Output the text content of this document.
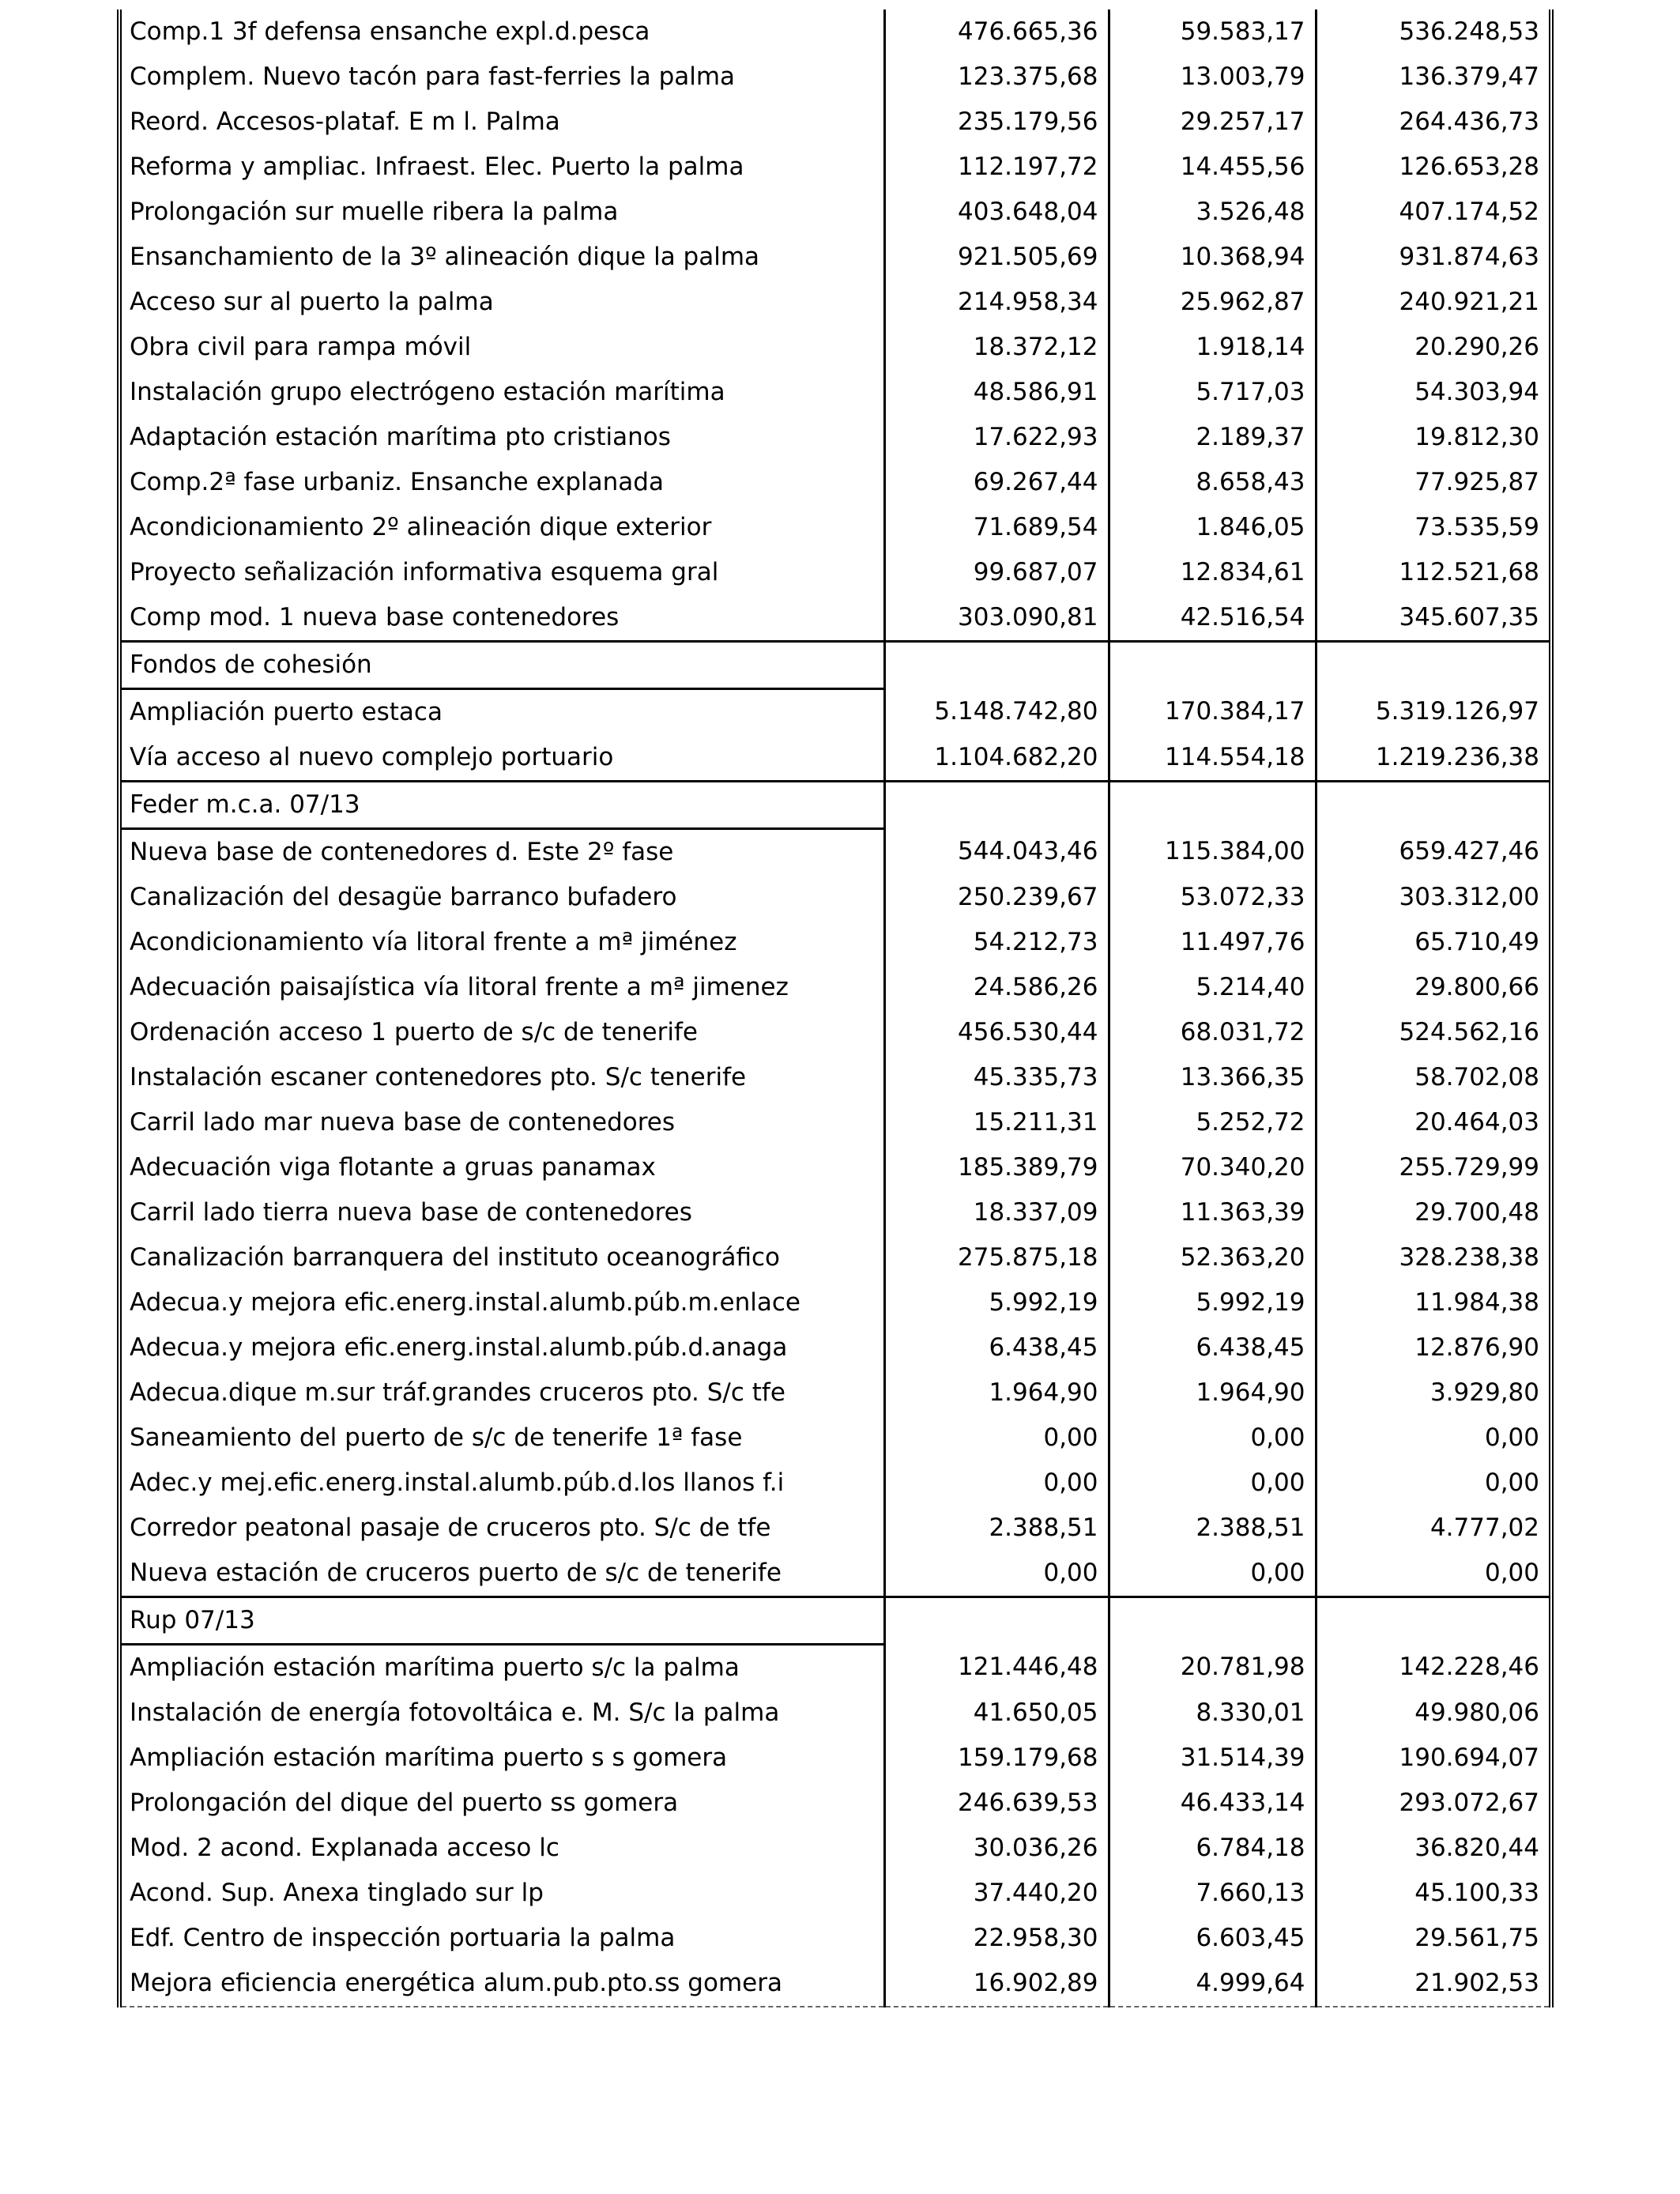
Comp.1 3f defensa ensanche expl.d.pesca	476.665,36	59.583,17	536.248,53
Complem. Nuevo tacón para fast-ferries la palma	123.375,68	13.003,79	136.379,47
Reord. Accesos-plataf. E m l. Palma	235.179,56	29.257,17	264.436,73
Reforma y ampliac. Infraest. Elec. Puerto la palma	112.197,72	14.455,56	126.653,28
Prolongación sur muelle ribera la palma	403.648,04	3.526,48	407.174,52
Ensanchamiento de la 3º alineación dique la palma	921.505,69	10.368,94	931.874,63
Acceso sur al puerto la palma	214.958,34	25.962,87	240.921,21
Obra civil para rampa móvil	18.372,12	1.918,14	20.290,26
Instalación grupo electrógeno estación marítima	48.586,91	5.717,03	54.303,94
Adaptación estación marítima pto cristianos	17.622,93	2.189,37	19.812,30
Comp.2ª fase urbaniz. Ensanche explanada	69.267,44	8.658,43	77.925,87
Acondicionamiento 2º alineación dique exterior	71.689,54	1.846,05	73.535,59
Proyecto señalización informativa esquema gral	99.687,07	12.834,61	112.521,68
Comp mod. 1 nueva base contenedores	303.090,81	42.516,54	345.607,35
Fondos de cohesión			
Ampliación puerto estaca	5.148.742,80	170.384,17	5.319.126,97
Vía acceso al nuevo complejo portuario	1.104.682,20	114.554,18	1.219.236,38
Feder m.c.a. 07/13			
Nueva base de contenedores d. Este 2º fase	544.043,46	115.384,00	659.427,46
Canalización del desagüe barranco bufadero	250.239,67	53.072,33	303.312,00
Acondicionamiento vía litoral frente a mª jiménez	54.212,73	11.497,76	65.710,49
Adecuación paisajística vía litoral frente a mª jimenez	24.586,26	5.214,40	29.800,66
Ordenación acceso 1 puerto de s/c de tenerife	456.530,44	68.031,72	524.562,16
Instalación escaner contenedores pto. S/c tenerife	45.335,73	13.366,35	58.702,08
Carril lado mar nueva base de contenedores	15.211,31	5.252,72	20.464,03
Adecuación viga flotante a gruas panamax	185.389,79	70.340,20	255.729,99
Carril lado tierra nueva base de contenedores	18.337,09	11.363,39	29.700,48
Canalización barranquera del instituto oceanográfico	275.875,18	52.363,20	328.238,38
Adecua.y mejora efic.energ.instal.alumb.púb.m.enlace	5.992,19	5.992,19	11.984,38
Adecua.y mejora efic.energ.instal.alumb.púb.d.anaga	6.438,45	6.438,45	12.876,90
Adecua.dique m.sur tráf.grandes cruceros pto. S/c tfe	1.964,90	1.964,90	3.929,80
Saneamiento del puerto de s/c de tenerife 1ª fase	0,00	0,00	0,00
Adec.y mej.efic.energ.instal.alumb.púb.d.los llanos f.i	0,00	0,00	0,00
Corredor peatonal pasaje de cruceros pto. S/c de tfe	2.388,51	2.388,51	4.777,02
Nueva estación de cruceros puerto de s/c de tenerife	0,00	0,00	0,00
Rup 07/13			
Ampliación estación marítima puerto s/c la palma	121.446,48	20.781,98	142.228,46
Instalación de energía fotovoltáica e. M. S/c la palma	41.650,05	8.330,01	49.980,06
Ampliación estación marítima puerto s s gomera	159.179,68	31.514,39	190.694,07
Prolongación del dique del puerto ss gomera	246.639,53	46.433,14	293.072,67
Mod. 2 acond. Explanada acceso lc	30.036,26	6.784,18	36.820,44
Acond. Sup. Anexa tinglado sur lp	37.440,20	7.660,13	45.100,33
Edf. Centro de inspección portuaria la palma	22.958,30	6.603,45	29.561,75
Mejora eficiencia energética alum.pub.pto.ss gomera	16.902,89	4.999,64	21.902,53
